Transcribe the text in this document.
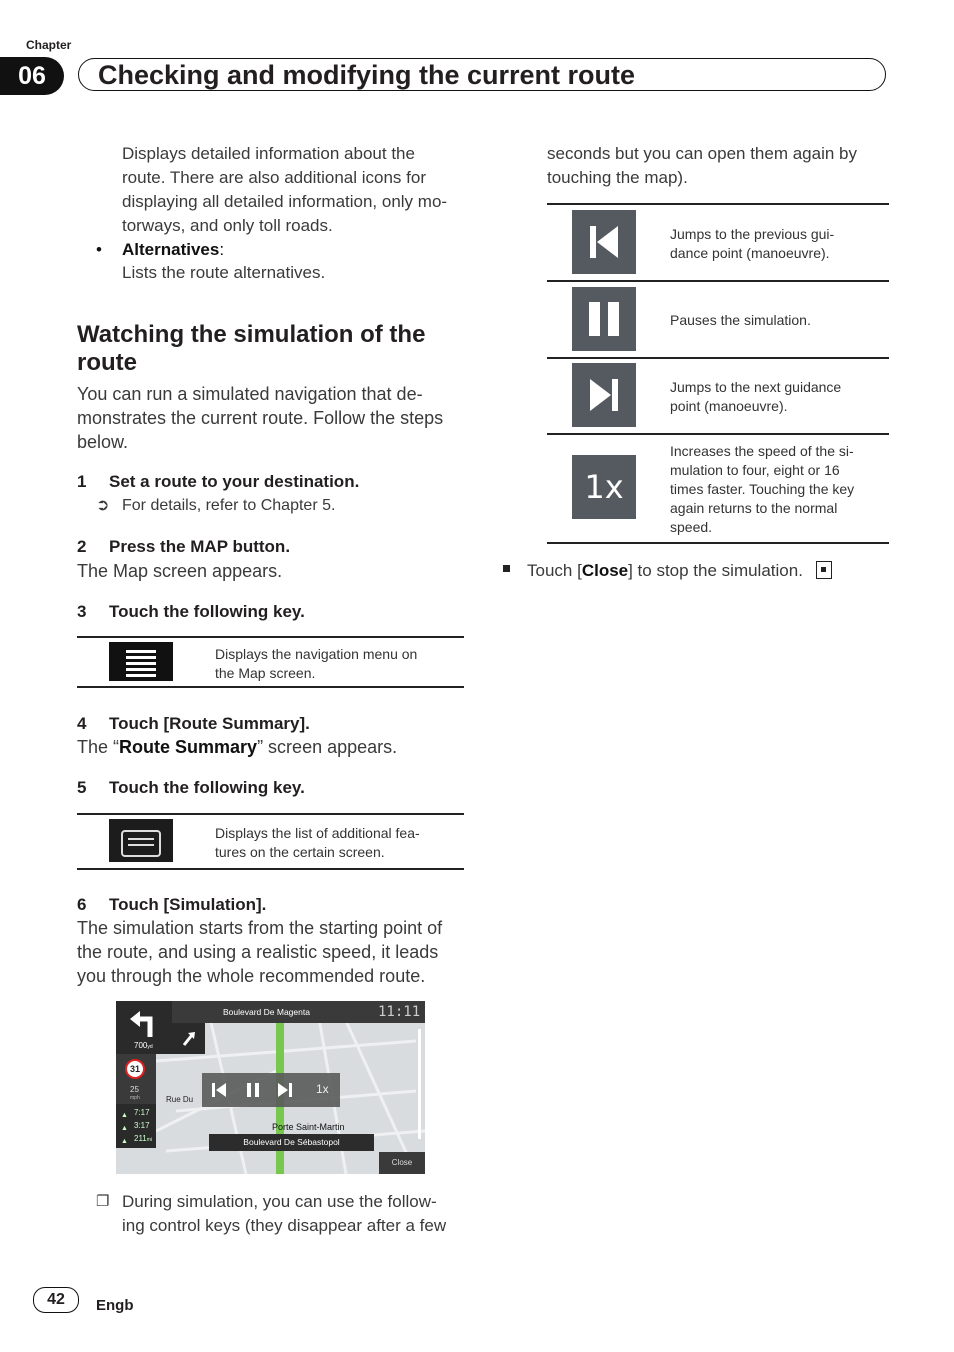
Chapter
06	Checking and modifying the current route
Displays detailed information about the
route. There are also additional icons for
displaying all detailed information, only mo-
torways, and only toll roads.
• Alternatives:
Lists the route alternatives.
Watching the simulation of the
route
You can run a simulated navigation that de-
monstrates the current route. Follow the steps
below.
1 Set a route to your destination.
➲ For details, refer to Chapter 5.
2 Press the MAP button.
The Map screen appears.
3 Touch the following key.
Displays the navigation menu on
the Map screen.
4 Touch [Route Summary].
The “Route Summary” screen appears.
5 Touch the following key.
Displays the list of additional fea-
tures on the certain screen.
6 Touch [Simulation].
The simulation starts from the starting point of
the route, and using a realistic speed, it leads
you through the whole recommended route.
Boulevard De Magenta	11:11
700yd
31
25
mph
7:17
3:17
211mi
▲
▲
▲
1x
Rue Du
Porte Saint-Martin
Boulevard De Sébastopol
Close
❐ During simulation, you can use the follow-
ing control keys (they disappear after a few
seconds but you can open them again by
touching the map).
Jumps to the previous gui-
dance point (manoeuvre).
Pauses the simulation.
Jumps to the next guidance
point (manoeuvre).
1x
Increases the speed of the si-
mulation to four, eight or 16
times faster. Touching the key
again returns to the normal
speed.
Touch [Close] to stop the simulation.
42	Engb
